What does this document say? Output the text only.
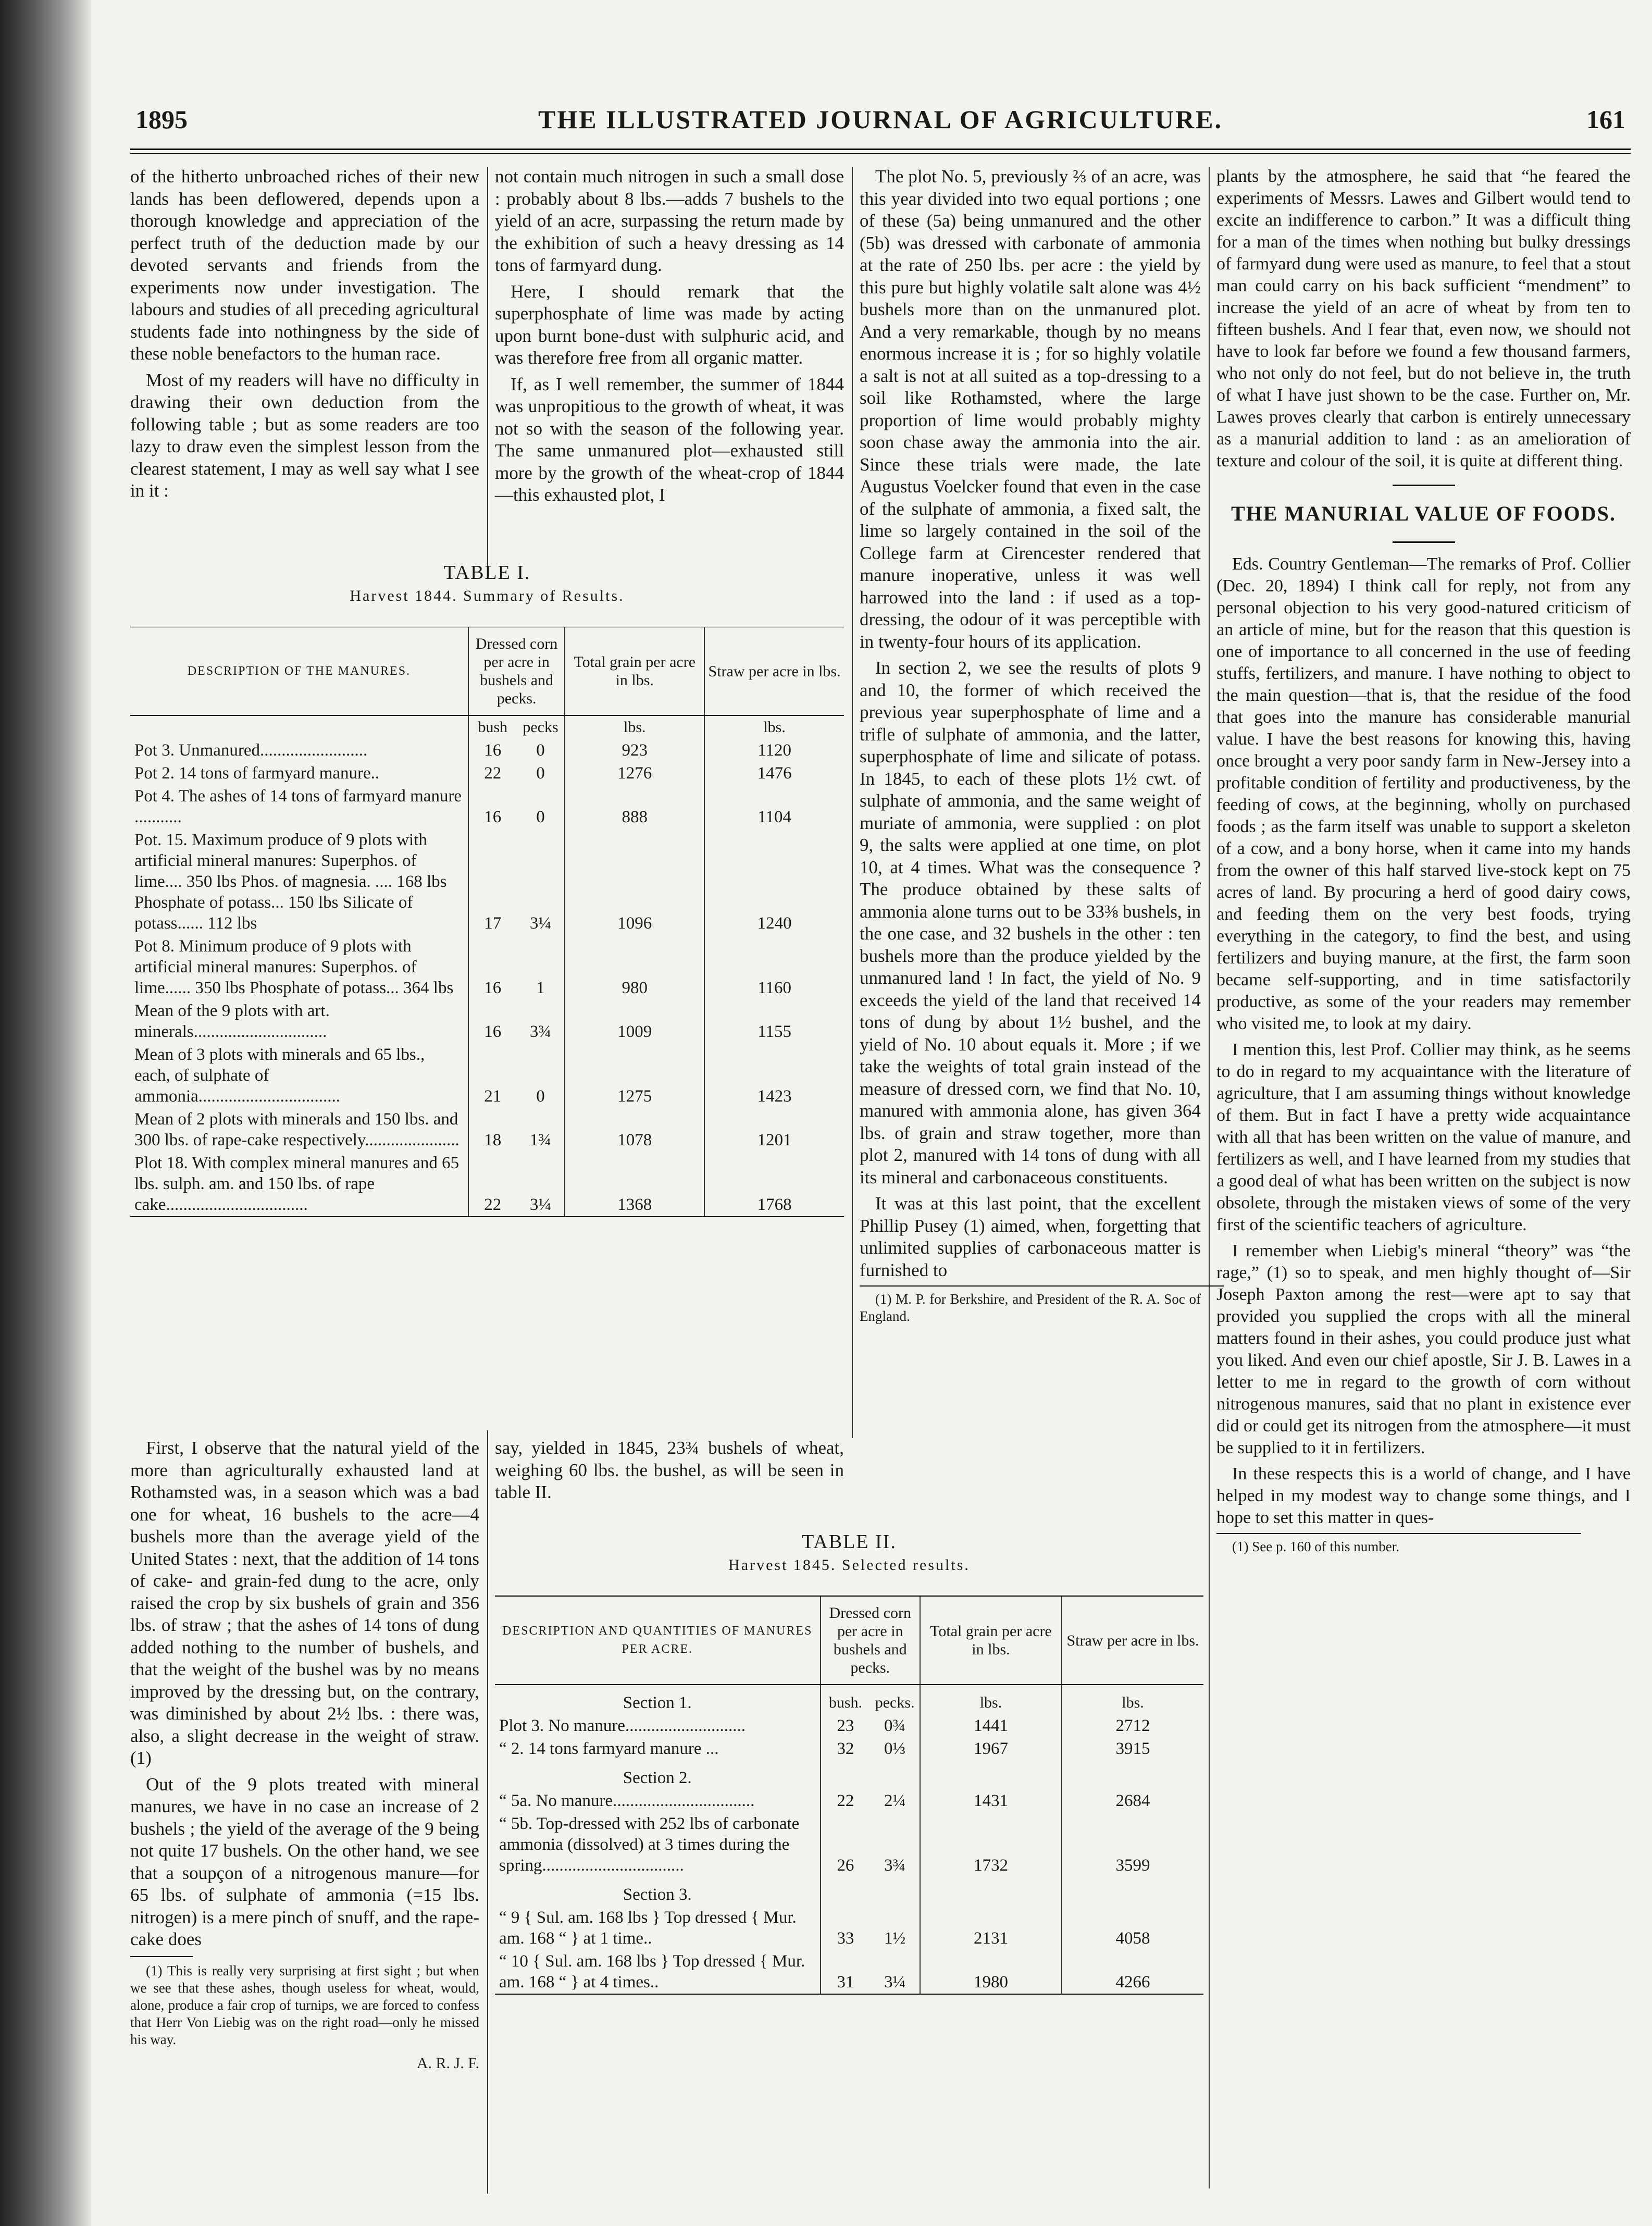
1895	THE ILLUSTRATED JOURNAL OF AGRICULTURE.	161

of the hitherto unbroached riches of their new lands has been deflowered, depends upon a thorough knowledge and appreciation of the perfect truth of the deduction made by our devoted servants and friends from the experiments now under investigation. The labours and studies of all preceding agricultural students fade into nothingness by the side of these noble benefactors to the human race.

Most of my readers will have no difficulty in drawing their own deduction from the following table ; but as some readers are too lazy to draw even the simplest lesson from the clearest statement, I may as well say what I see in it :

not contain much nitrogen in such a small dose : probably about 8 lbs.—adds 7 bushels to the yield of an acre, surpassing the return made by the exhibition of such a heavy dressing as 14 tons of farmyard dung.

Here, I should remark that the superphosphate of lime was made by acting upon burnt bone-dust with sulphuric acid, and was therefore free from all organic matter.

If, as I well remember, the summer of 1844 was unpropitious to the growth of wheat, it was not so with the season of the following year. The same unmanured plot—exhausted still more by the growth of the wheat-crop of 1844—this exhausted plot, I

TABLE I.
Harvest 1844. Summary of Results.
DESCRIPTION OF THE MANURES.	Dressed corn per acre in bushels and pecks.		Total grain per acre in lbs.	Straw per acre in lbs.
	bush	pecks	lbs.	lbs.
Pot 3. Unmanured.........................	16	0	923	1120
Pot 2. 14 tons of farmyard manure..	22	0	1276	1476
Pot 4. The ashes of 14 tons of farmyard manure ...........	16	0	888	1104
Pot. 15. Maximum produce of 9 plots with artificial mineral manures: Superphos. of lime.... 350 lbs Phos. of magnesia. .... 168 lbs Phosphate of potass... 150 lbs Silicate of potass...... 112 lbs	17	3¼	1096	1240
Pot 8. Minimum produce of 9 plots with artificial mineral manures: Superphos. of lime...... 350 lbs Phosphate of potass... 364 lbs	16	1	980	1160
Mean of the 9 plots with art. minerals...............................	16	3¾	1009	1155
Mean of 3 plots with minerals and 65 lbs., each, of sulphate of ammonia.................................	21	0	1275	1423
Mean of 2 plots with minerals and 150 lbs. and 300 lbs. of rape-cake respectively......................	18	1¾	1078	1201
Plot 18. With complex mineral manures and 65 lbs. sulph. am. and 150 lbs. of rape cake.................................	22	3¼	1368	1768

First, I observe that the natural yield of the more than agriculturally exhausted land at Rothamsted was, in a season which was a bad one for wheat, 16 bushels to the acre—4 bushels more than the average yield of the United States : next, that the addition of 14 tons of cake- and grain-fed dung to the acre, only raised the crop by six bushels of grain and 356 lbs. of straw ; that the ashes of 14 tons of dung added nothing to the number of bushels, and that the weight of the bushel was by no means improved by the dressing but, on the contrary, was diminished by about 2½ lbs. : there was, also, a slight decrease in the weight of straw. (1)

Out of the 9 plots treated with mineral manures, we have in no case an increase of 2 bushels ; the yield of the average of the 9 being not quite 17 bushels. On the other hand, we see that a soupçon of a nitrogenous manure—for 65 lbs. of sulphate of ammonia (=15 lbs. nitrogen) is a mere pinch of snuff, and the rape-cake does

(1) This is really very surprising at first sight ; but when we see that these ashes, though useless for wheat, would, alone, produce a fair crop of turnips, we are forced to confess that Herr Von Liebig was on the right road—only he missed his way.

A. R. J. F.

say, yielded in 1845, 23¾ bushels of wheat, weighing 60 lbs. the bushel, as will be seen in table II.

The plot No. 5, previously ⅔ of an acre, was this year divided into two equal portions ; one of these (5a) being unmanured and the other (5b) was dressed with carbonate of ammonia at the rate of 250 lbs. per acre : the yield by this pure but highly volatile salt alone was 4½ bushels more than on the unmanured plot. And a very remarkable, though by no means enormous increase it is ; for so highly volatile a salt is not at all suited as a top-dressing to a soil like Rothamsted, where the large proportion of lime would probably mighty soon chase away the ammonia into the air. Since these trials were made, the late Augustus Voelcker found that even in the case of the sulphate of ammonia, a fixed salt, the lime so largely contained in the soil of the College farm at Cirencester rendered that manure inoperative, unless it was well harrowed into the land : if used as a top-dressing, the odour of it was perceptible with in twenty-four hours of its application.

In section 2, we see the results of plots 9 and 10, the former of which received the previous year superphosphate of lime and a trifle of sulphate of ammonia, and the latter, superphosphate of lime and silicate of potass. In 1845, to each of these plots 1½ cwt. of sulphate of ammonia, and the same weight of muriate of ammonia, were supplied : on plot 9, the salts were applied at one time, on plot 10, at 4 times. What was the consequence ? The produce obtained by these salts of ammonia alone turns out to be 33⅜ bushels, in the one case, and 32 bushels in the other : ten bushels more than the produce yielded by the unmanured land ! In fact, the yield of No. 9 exceeds the yield of the land that received 14 tons of dung by about 1½ bushel, and the yield of No. 10 about equals it. More ; if we take the weights of total grain instead of the measure of dressed corn, we find that No. 10, manured with ammonia alone, has given 364 lbs. of grain and straw together, more than plot 2, manured with 14 tons of dung with all its mineral and carbonaceous constituents.

It was at this last point, that the excellent Phillip Pusey (1) aimed, when, forgetting that unlimited supplies of carbonaceous matter is furnished to

(1) M. P. for Berkshire, and President of the R. A. Soc of England.

TABLE II.
Harvest 1845. Selected results.
DESCRIPTION AND QUANTITIES OF MANURES PER ACRE.	Dressed corn per acre in bushels and pecks.		Total grain per acre in lbs.	Straw per acre in lbs.
Section 1.	bush.	pecks.	lbs.	lbs.
Plot 3. No manure............................	23	0¾	1441	2712
“ 2. 14 tons farmyard manure ...	32	0⅓	1967	3915
Section 2.				
“ 5a. No manure.................................	22	2¼	1431	2684
“ 5b. Top-dressed with 252 lbs of carbonate ammonia (dissolved) at 3 times during the spring.................................	26	3¾	1732	3599
Section 3.				
“ 9 { Sul. am. 168 lbs } Top dressed { Mur. am. 168 “ } at 1 time..	33	1½	2131	4058
“ 10 { Sul. am. 168 lbs } Top dressed { Mur. am. 168 “ } at 4 times..	31	3¼	1980	4266

plants by the atmosphere, he said that “he feared the experiments of Messrs. Lawes and Gilbert would tend to excite an indifference to carbon.” It was a difficult thing for a man of the times when nothing but bulky dressings of farmyard dung were used as manure, to feel that a stout man could carry on his back sufficient “mendment” to increase the yield of an acre of wheat by from ten to fifteen bushels. And I fear that, even now, we should not have to look far before we found a few thousand farmers, who not only do not feel, but do not believe in, the truth of what I have just shown to be the case. Further on, Mr. Lawes proves clearly that carbon is entirely unnecessary as a manurial addition to land : as an amelioration of texture and colour of the soil, it is quite at different thing.

THE MANURIAL VALUE OF FOODS.

Eds. Country Gentleman—The remarks of Prof. Collier (Dec. 20, 1894) I think call for reply, not from any personal objection to his very good-natured criticism of an article of mine, but for the reason that this question is one of importance to all concerned in the use of feeding stuffs, fertilizers, and manure. I have nothing to object to the main question—that is, that the residue of the food that goes into the manure has considerable manurial value. I have the best reasons for knowing this, having once brought a very poor sandy farm in New-Jersey into a profitable condition of fertility and productiveness, by the feeding of cows, at the beginning, wholly on purchased foods ; as the farm itself was unable to support a skeleton of a cow, and a bony horse, when it came into my hands from the owner of this half starved live-stock kept on 75 acres of land. By procuring a herd of good dairy cows, and feeding them on the very best foods, trying everything in the category, to find the best, and using fertilizers and buying manure, at the first, the farm soon became self-supporting, and in time satisfactorily productive, as some of the your readers may remember who visited me, to look at my dairy.

I mention this, lest Prof. Collier may think, as he seems to do in regard to my acquaintance with the literature of agriculture, that I am assuming things without knowledge of them. But in fact I have a pretty wide acquaintance with all that has been written on the value of manure, and fertilizers as well, and I have learned from my studies that a good deal of what has been written on the subject is now obsolete, through the mistaken views of some of the very first of the scientific teachers of agriculture.

I remember when Liebig's mineral “theory” was “the rage,” (1) so to speak, and men highly thought of—Sir Joseph Paxton among the rest—were apt to say that provided you supplied the crops with all the mineral matters found in their ashes, you could produce just what you liked. And even our chief apostle, Sir J. B. Lawes in a letter to me in regard to the growth of corn without nitrogenous manures, said that no plant in existence ever did or could get its nitrogen from the atmosphere—it must be supplied to it in fertilizers.

In these respects this is a world of change, and I have helped in my modest way to change some things, and I hope to set this matter in ques-

(1) See p. 160 of this number.
